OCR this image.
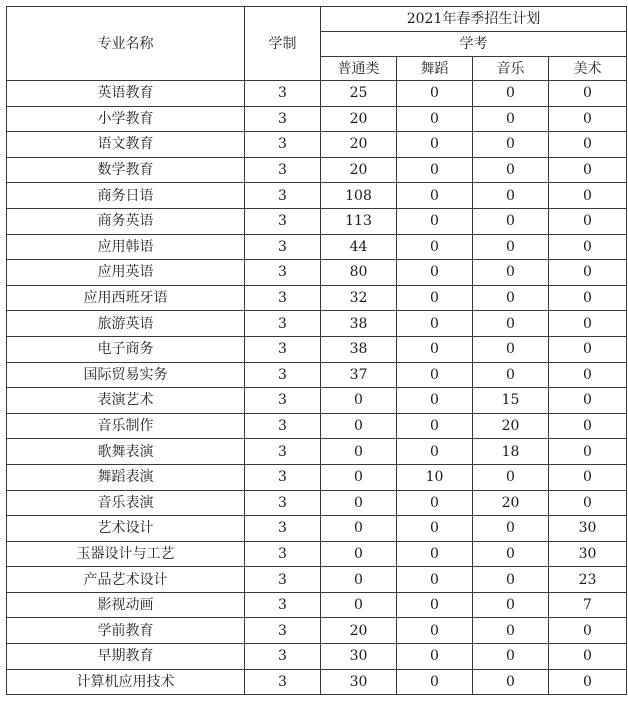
专业名称	学制	2021年春季招生计划			
		学考			
		普通类	舞蹈	音乐	美术
英语教育	3	25	0	0	0
小学教育	3	20	0	0	0
语文教育	3	20	0	0	0
数学教育	3	20	0	0	0
商务日语	3	108	0	0	0
商务英语	3	113	0	0	0
应用韩语	3	44	0	0	0
应用英语	3	80	0	0	0
应用西班牙语	3	32	0	0	0
旅游英语	3	38	0	0	0
电子商务	3	38	0	0	0
国际贸易实务	3	37	0	0	0
表演艺术	3	0	0	15	0
音乐制作	3	0	0	20	0
歌舞表演	3	0	0	18	0
舞蹈表演	3	0	10	0	0
音乐表演	3	0	0	20	0
艺术设计	3	0	0	0	30
玉器设计与工艺	3	0	0	0	30
产品艺术设计	3	0	0	0	23
影视动画	3	0	0	0	7
学前教育	3	20	0	0	0
早期教育	3	30	0	0	0
计算机应用技术	3	30	0	0	0
